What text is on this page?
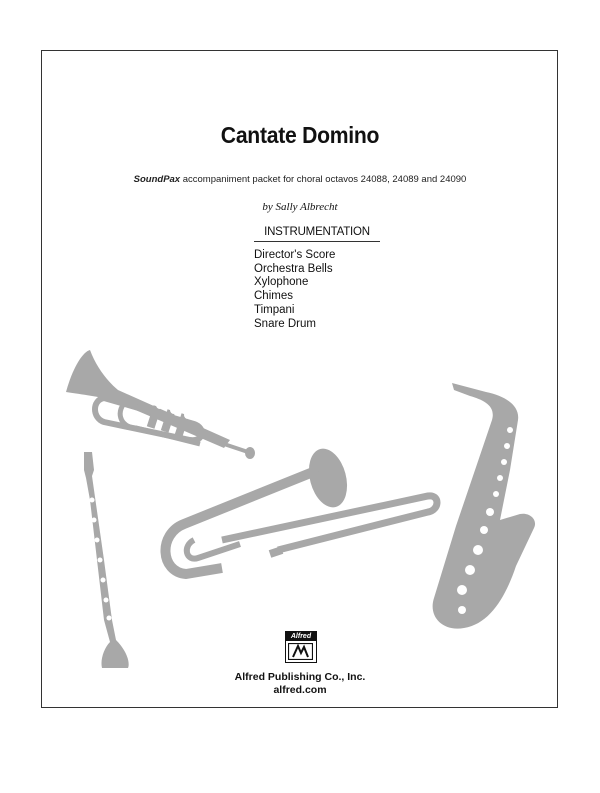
Cantate Domino
SoundPax accompaniment packet for choral octavos 24088, 24089 and 24090
by Sally Albrecht
INSTRUMENTATION
Director's Score
Orchestra Bells
Xylophone
Chimes
Timpani
Snare Drum
Alfred
Alfred Publishing Co., Inc.
alfred.com
